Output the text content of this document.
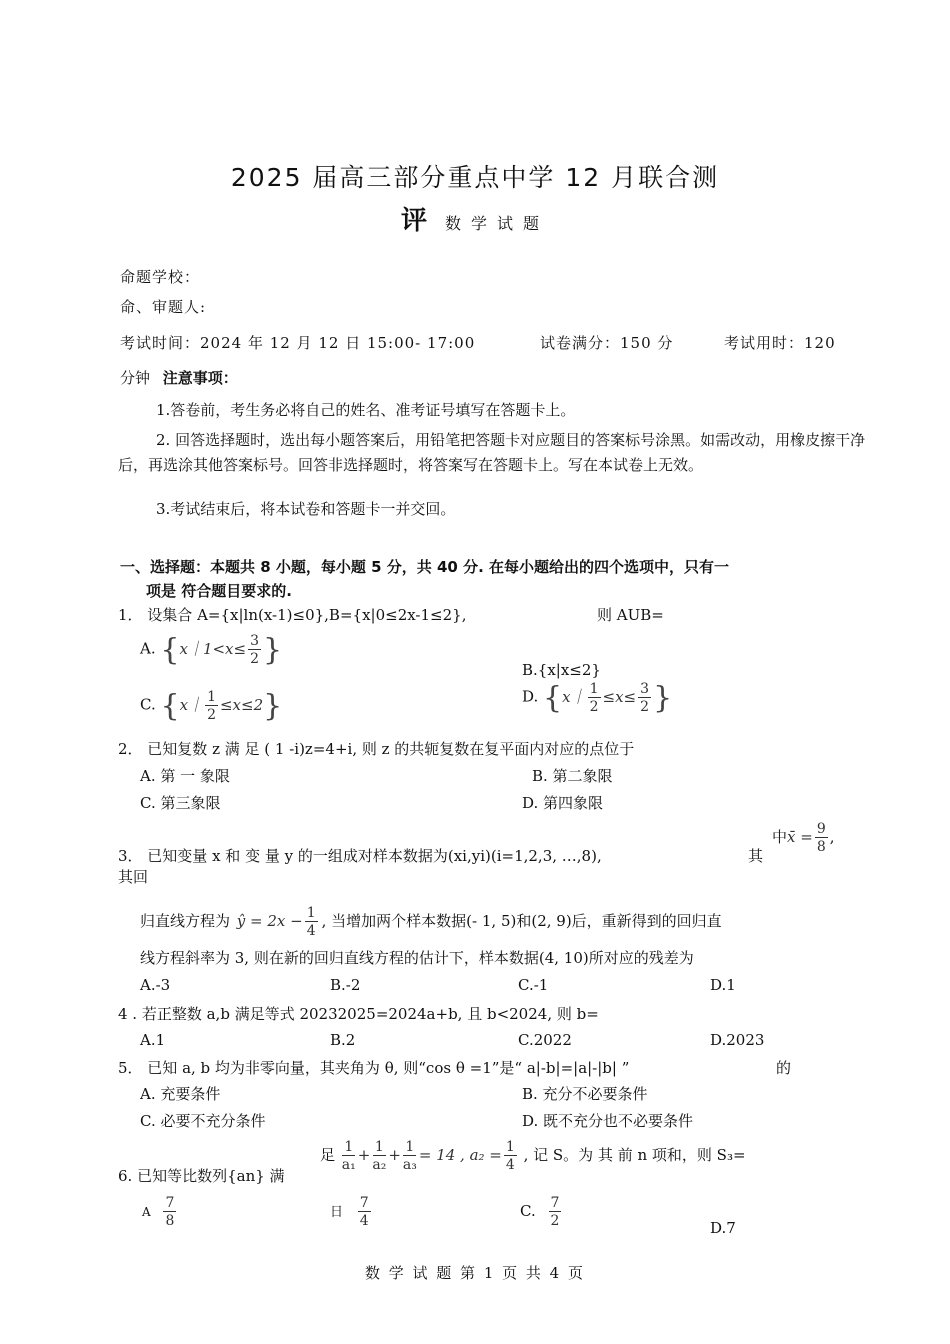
2025 届高三部分重点中学 12 月联合测
评 数学试题
命题学校：
命、审题人:
考试时间：2024 年 12 月 12 日 15:00- 17:00	试卷满分：150 分	考试用时：120
分钟 注意事项：
1.答卷前，考生务必将自己的姓名、准考证号填写在答题卡上。
2. 回答选择题时，选出每小题答案后，用铅笔把答题卡对应题目的答案标号涂黑。如需改动，用橡皮擦干净后，再选涂其他答案标号。回答非选择题时，将答案写在答题卡上。写在本试卷上无效。
3.考试结束后，将本试卷和答题卡一并交回。
一、选择题：本题共 8 小题，每小题 5 分，共 40 分. 在每小题给出的四个选项中，只有一
项是 符合题目要求的.
1． 设集合 A={x|ln(x-1)≤0},B={x|0≤2x-1≤2},	则 AUB=
A. {x｜1<x≤ $\frac{3}{2}$ }
B.{x|x≤2}
C. {x｜ $\frac{1}{2} \le x\le 2$}	D. {x｜ $\frac{1}{2} \le x\le \frac{3}{2}$ }
2． 已知复数 z 满 足 ( 1 -i)z=4+i, 则 z 的共轭复数在复平面内对应的点位于
A. 第 一 象限	B. 第二象限
C. 第三象限	D. 第四象限
3． 已知变量 x 和 变 量 y 的一组成对样本数据为(xi,yi)(i=1,2,3, …,8),	其
中x̄ = $\frac{9}{8}$ ,
其回
归直线方程为 ŷ = $2x - \frac{1}{4}$ , 当增加两个样本数据(- 1, 5)和(2, 9)后，重新得到的回归直
线方程斜率为 3, 则在新的回归直线方程的估计下，样本数据(4, 10)所对应的残差为
A.-3	B.-2	C.-1	D.1
4 . 若正整数 a,b 满足等式 20232025=2024a+b, 且 b<2024, 则 b=
A.1	B.2	C.2022	D.2023
5． 已知 a, b 均为非零向量，其夹角为 θ, 则“cos θ =1”是“ a|-b|=|a|-|b| ”	的
A. 充要条件	B. 充分不必要条件
C. 必要不充分条件	D. 既不充分也不必要条件
6. 已知等比数列{an} 满
足 $\frac{1}{\text{a₁}} + \frac{1}{\text{a₂}} + \frac{1}{\text{a₃}} = 14$ , $a_2 = \frac{1}{4}$ , 记 S。为 其 前 n 项和，则 S₃=
A $\frac{7}{8}$	日 $\frac{7}{4}$	C. $\frac{7}{2}$	D.7
数 学 试 题 第 1 页 共 4 页
